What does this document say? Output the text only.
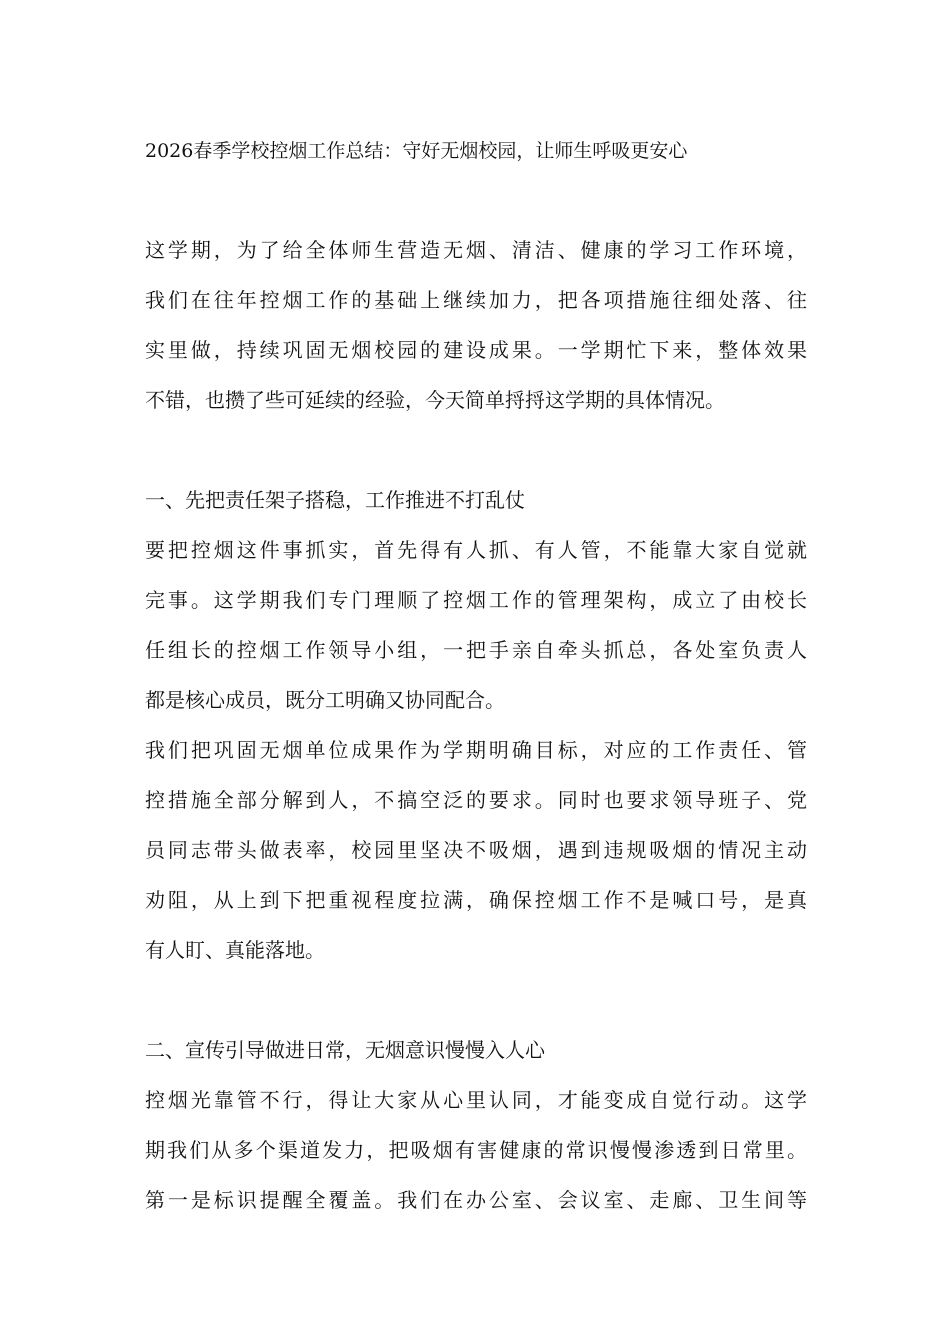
2026春季学校控烟工作总结：守好无烟校园，让师生呼吸更安心
这学期，为了给全体师生营造无烟、清洁、健康的学习工作环境，
我们在往年控烟工作的基础上继续加力，把各项措施往细处落、往
实里做，持续巩固无烟校园的建设成果。一学期忙下来，整体效果
不错，也攒了些可延续的经验，今天简单捋捋这学期的具体情况。
一、先把责任架子搭稳，工作推进不打乱仗
要把控烟这件事抓实，首先得有人抓、有人管，不能靠大家自觉就
完事。这学期我们专门理顺了控烟工作的管理架构，成立了由校长
任组长的控烟工作领导小组，一把手亲自牵头抓总，各处室负责人
都是核心成员，既分工明确又协同配合。
我们把巩固无烟单位成果作为学期明确目标，对应的工作责任、管
控措施全部分解到人，不搞空泛的要求。同时也要求领导班子、党
员同志带头做表率，校园里坚决不吸烟，遇到违规吸烟的情况主动
劝阻，从上到下把重视程度拉满，确保控烟工作不是喊口号，是真
有人盯、真能落地。
二、宣传引导做进日常，无烟意识慢慢入人心
控烟光靠管不行，得让大家从心里认同，才能变成自觉行动。这学
期我们从多个渠道发力，把吸烟有害健康的常识慢慢渗透到日常里。
第一是标识提醒全覆盖。我们在办公室、会议室、走廊、卫生间等
